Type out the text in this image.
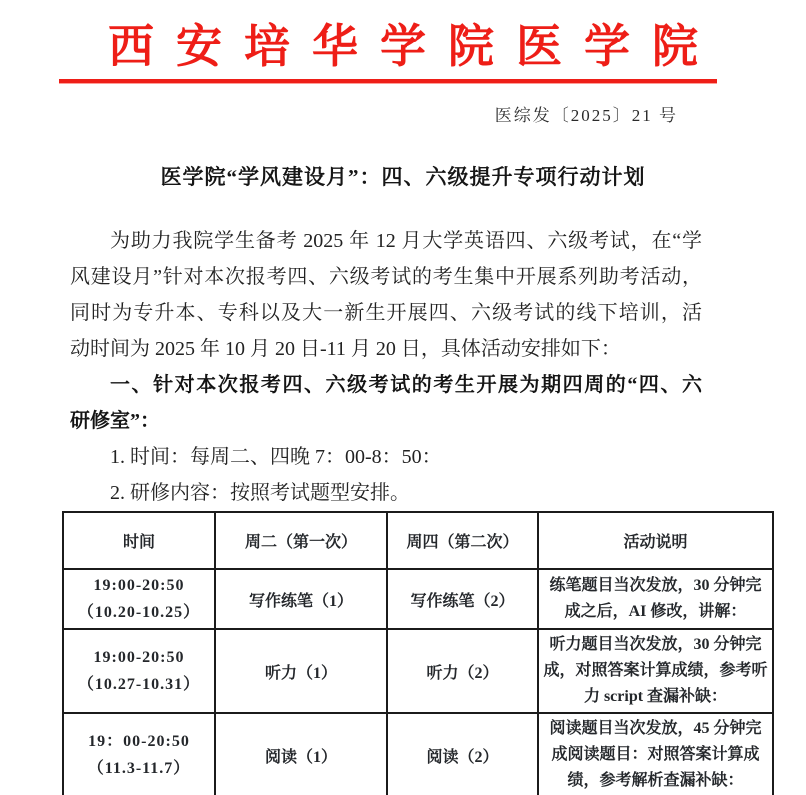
西安培华学院医学院
医综发〔2025〕21 号
医学院“学风建设月”：四、六级提升专项行动计划
为助力我院学生备考 2025 年 12 月大学英语四、六级考试，在“学
风建设月”针对本次报考四、六级考试的考生集中开展系列助考活动，
同时为专升本、专科以及大一新生开展四、六级考试的线下培训，活
动时间为 2025 年 10 月 20 日-11 月 20 日，具体活动安排如下：
一、针对本次报考四、六级考试的考生开展为期四周的“四、六
研修室”：
1. 时间：每周二、四晚 7：00-8：50：
2. 研修内容：按照考试题型安排。
时间	周二（第一次）	周四（第二次）	活动说明

19:00-20:50
（10.20-10.25）	写作练笔（1）	写作练笔（2）	练笔题目当次发放，30 分钟完成之后，AI 修改，讲解：

19:00-20:50
（10.27-10.31）	听力（1）	听力（2）	听力题目当次发放，30 分钟完成，对照答案计算成绩，参考听力 script 查漏补缺：

19：00-20:50
（11.3-11.7）	阅读（1）	阅读（2）	阅读题目当次发放，45 分钟完成阅读题目：对照答案计算成绩，参考解析查漏补缺：
